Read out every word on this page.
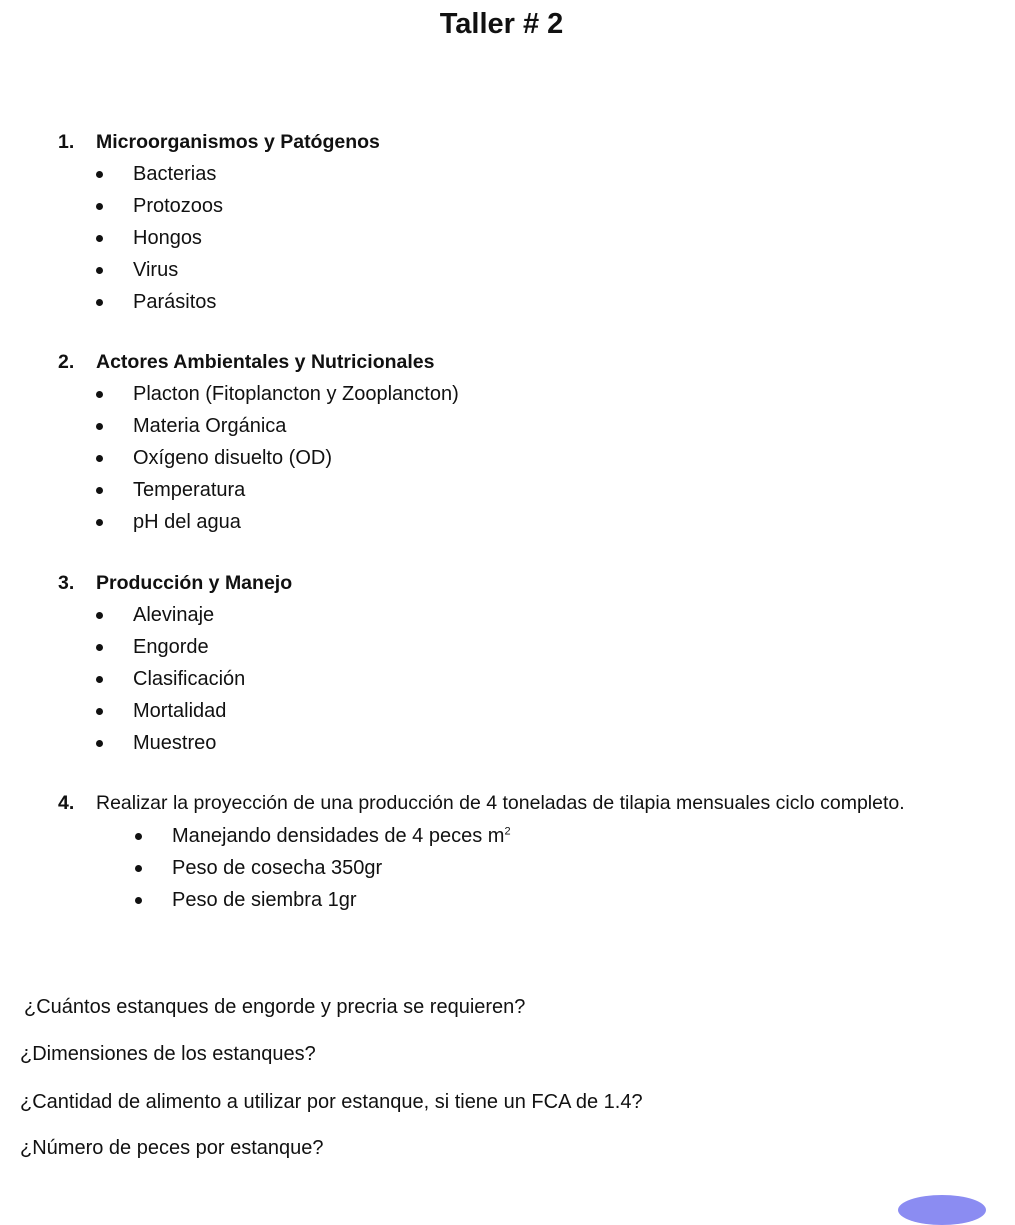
Taller # 2
1.	Microorganismos y Patógenos
Bacterias
Protozoos
Hongos
Virus
Parásitos
2.	Actores Ambientales y Nutricionales
Placton (Fitoplancton y Zooplancton)
Materia Orgánica
Oxígeno disuelto (OD)
Temperatura
pH del agua
3.	Producción y Manejo
Alevinaje
Engorde
Clasificación
Mortalidad
Muestreo
4.	Realizar la proyección de una producción de 4 toneladas de tilapia mensuales ciclo completo.
Manejando densidades de 4 peces $m^2$
Peso de cosecha 350gr
Peso de siembra 1gr
¿Cuántos estanques de engorde y precria se requieren?
¿Dimensiones de los estanques?
¿Cantidad de alimento a utilizar por estanque, si tiene un FCA de 1.4?
¿Número de peces por estanque?
